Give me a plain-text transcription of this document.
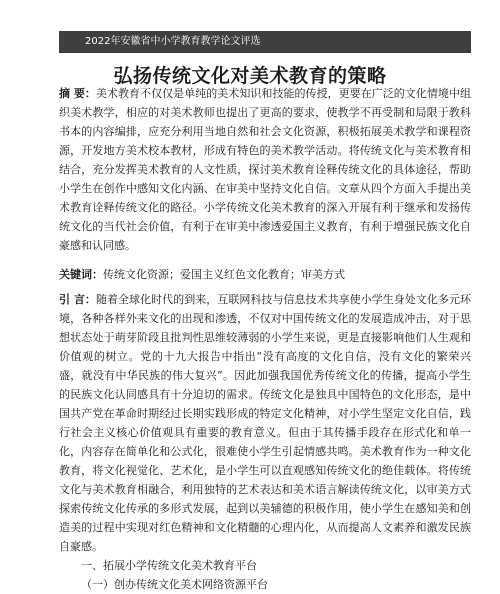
2022年安徽省中小学教育教学论文评选
弘扬传统文化对美术教育的策略

摘 要：美术教育不仅仅是单纯的美术知识和技能的传授，更要在广泛的文化情境中组织美术教学，相应的对美术教师也提出了更高的要求，使教学不再受制和局限于教科书本的内容编排，应充分利用当地自然和社会文化资源，积极拓展美术教学和课程资源，开发地方美术校本教材，形成有特色的美术教学活动。将传统文化与美术教育相结合，充分发挥美术教育的人文性质，探讨美术教育诠释传统文化的具体途径，帮助小学生在创作中感知文化内涵、在审美中坚持文化自信。文章从四个方面入手提出美术教育诠释传统文化的路径。小学传统文化美术教育的深入开展有利于继承和发扬传统文化的当代社会价值，有利于在审美中渗透爱国主义教育，有利于增强民族文化自豪感和认同感。

关键词：传统文化资源；爱国主义红色文化教育；审美方式

引 言：随着全球化时代的到来，互联网科技与信息技术共享使小学生身处文化多元环境，各种各样外来文化的出现和渗透，不仅对中国传统文化的发展造成冲击，对于思想状态处于萌芽阶段且批判性思维较薄弱的小学生来说，更是直接影响他们人生观和价值观的树立。党的十九大报告中指出“没有高度的文化自信，没有文化的繁荣兴盛，就没有中华民族的伟大复兴”。因此加强我国优秀传统文化的传播，提高小学生的民族文化认同感具有十分迫切的需求。传统文化是独具中国特色的文化形态，是中国共产党在革命时期经过长期实践形成的特定文化精神，对小学生坚定文化自信，践行社会主义核心价值观具有重要的教育意义。但由于其传播手段存在形式化和单一化，内容存在简单化和公式化，很难使小学生引起情感共鸣。美术教育作为一种文化教育，将文化视觉化、艺术化，是小学生可以直观感知传统文化的绝佳载体。将传统文化与美术教育相融合，利用独特的艺术表达和美术语言解读传统文化，以审美方式探索传统文化传承的多形式发展，起到以美辅德的积极作用，使小学生在感知美和创造美的过程中实现对红色精神和文化精髓的心理内化，从而提高人文素养和激发民族自豪感。

一、拓展小学传统文化美术教育平台

（一）创办传统文化美术网络资源平台
